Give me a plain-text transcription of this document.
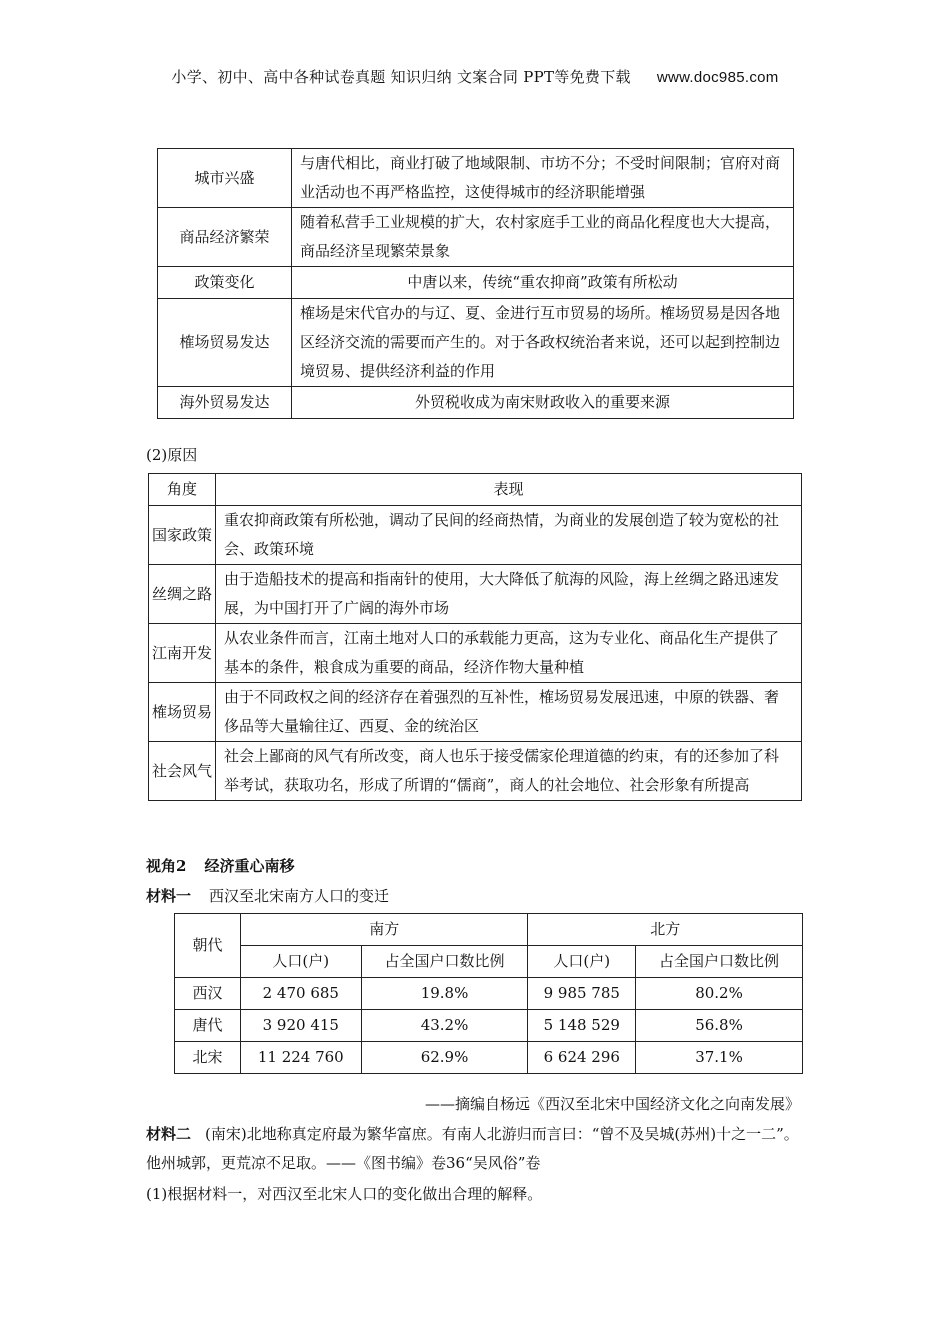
小学、初中、高中各种试卷真题 知识归纳 文案合同 PPT等免费下载 www.doc985.com
城市兴盛	与唐代相比，商业打破了地域限制、市坊不分；不受时间限制；官府对商业活动也不再严格监控，这使得城市的经济职能增强
商品经济繁荣	随着私营手工业规模的扩大，农村家庭手工业的商品化程度也大大提高，商品经济呈现繁荣景象
政策变化	中唐以来，传统“重农抑商”政策有所松动
榷场贸易发达	榷场是宋代官办的与辽、夏、金进行互市贸易的场所。榷场贸易是因各地区经济交流的需要而产生的。对于各政权统治者来说，还可以起到控制边境贸易、提供经济利益的作用
海外贸易发达	外贸税收成为南宋财政收入的重要来源
(2)原因
角度	表现
国家政策	重农抑商政策有所松弛，调动了民间的经商热情，为商业的发展创造了较为宽松的社会、政策环境
丝绸之路	由于造船技术的提高和指南针的使用，大大降低了航海的风险，海上丝绸之路迅速发展，为中国打开了广阔的海外市场
江南开发	从农业条件而言，江南土地对人口的承载能力更高，这为专业化、商品化生产提供了基本的条件，粮食成为重要的商品，经济作物大量种植
榷场贸易	由于不同政权之间的经济存在着强烈的互补性，榷场贸易发展迅速，中原的铁器、奢侈品等大量输往辽、西夏、金的统治区
社会风气	社会上鄙商的风气有所改变，商人也乐于接受儒家伦理道德的约束，有的还参加了科举考试，获取功名，形成了所谓的“儒商”，商人的社会地位、社会形象有所提高
视角2 经济重心南移
材料一 西汉至北宋南方人口的变迁
朝代	南方		北方	
	人口(户)	占全国户口数比例	人口(户)	占全国户口数比例
西汉	2 470 685	19.8%	9 985 785	80.2%
唐代	3 920 415	43.2%	5 148 529	56.8%
北宋	11 224 760	62.9%	6 624 296	37.1%
——摘编自杨远《西汉至北宋中国经济文化之向南发展》
材料二 (南宋)北地称真定府最为繁华富庶。有南人北游归而言曰：“曾不及吴城(苏州)十之一二”。他州城郭，更荒凉不足取。——《图书编》卷36“吴风俗”卷
(1)根据材料一，对西汉至北宋人口的变化做出合理的解释。
